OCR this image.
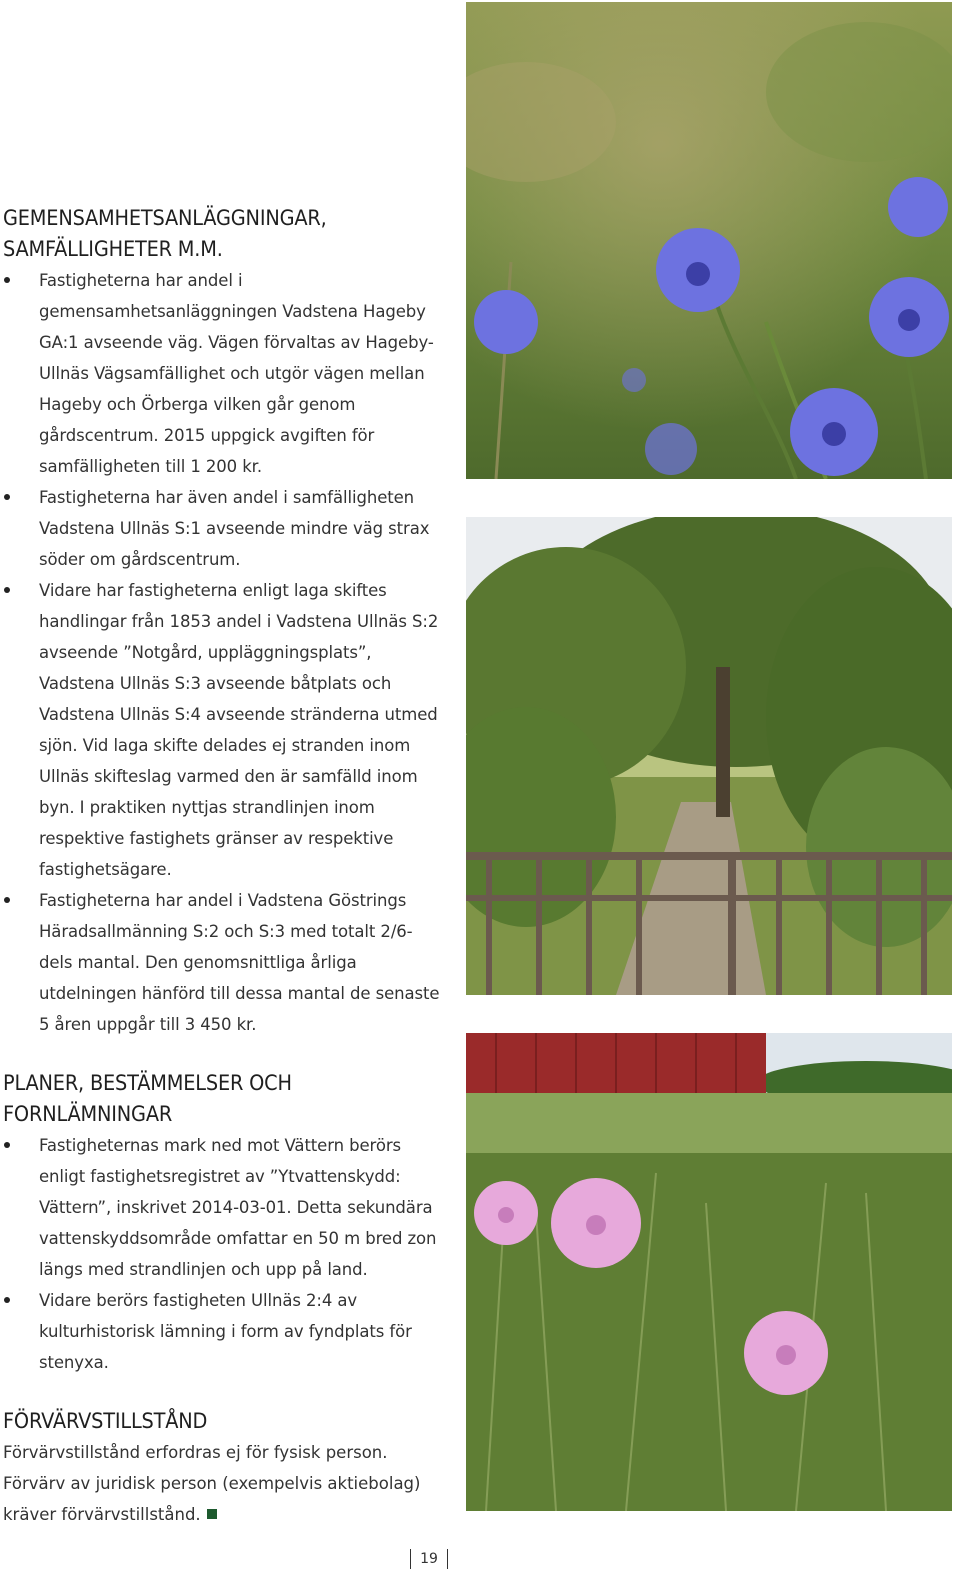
GEMENSAMHETSANLÄGGNINGAR,
SAMFÄLLIGHETER M.M.
Fastigheterna har andel i gemensamhetsanläggningen Vadstena Hageby GA:1 avseende väg. Vägen förvaltas av Hageby-Ullnäs Vägsamfällighet och utgör vägen mellan Hageby och Örberga vilken går genom gårdscentrum. 2015 uppgick avgiften för samfälligheten till 1 200 kr.
Fastigheterna har även andel i samfälligheten Vadstena Ullnäs S:1 avseende mindre väg strax söder om gårdscentrum.
Vidare har fastigheterna enligt laga skiftes handlingar från 1853 andel i Vadstena Ullnäs S:2 avseende ”Notgård, uppläggningsplats”, Vadstena Ullnäs S:3 avseende båtplats och Vadstena Ullnäs S:4 avseende stränderna utmed sjön. Vid laga skifte delades ej stranden inom Ullnäs skifteslag varmed den är samfälld inom byn. I praktiken nyttjas strandlinjen inom respektive fastighets gränser av respektive fastighetsägare.
Fastigheterna har andel i Vadstena Göstrings Häradsallmänning S:2 och S:3 med totalt 2/6-dels mantal. Den genomsnittliga årliga utdelningen hänförd till dessa mantal de senaste 5 åren uppgår till 3 450 kr.
PLANER, BESTÄMMELSER OCH
FORNLÄMNINGAR
Fastigheternas mark ned mot Vättern berörs enligt fastighetsregistret av ”Ytvattenskydd: Vättern”, inskrivet 2014-03-01. Detta sekundära vattenskyddsområde omfattar en 50 m bred zon längs med strandlinjen och upp på land.
Vidare berörs fastigheten Ullnäs 2:4 av kulturhistorisk lämning i form av fyndplats för stenyxa.
FÖRVÄRVSTILLSTÅND

Förvärvstillstånd erfordras ej för fysisk person. Förvärv av juridisk person (exempelvis aktiebolag) kräver förvärvstillstånd.

19
